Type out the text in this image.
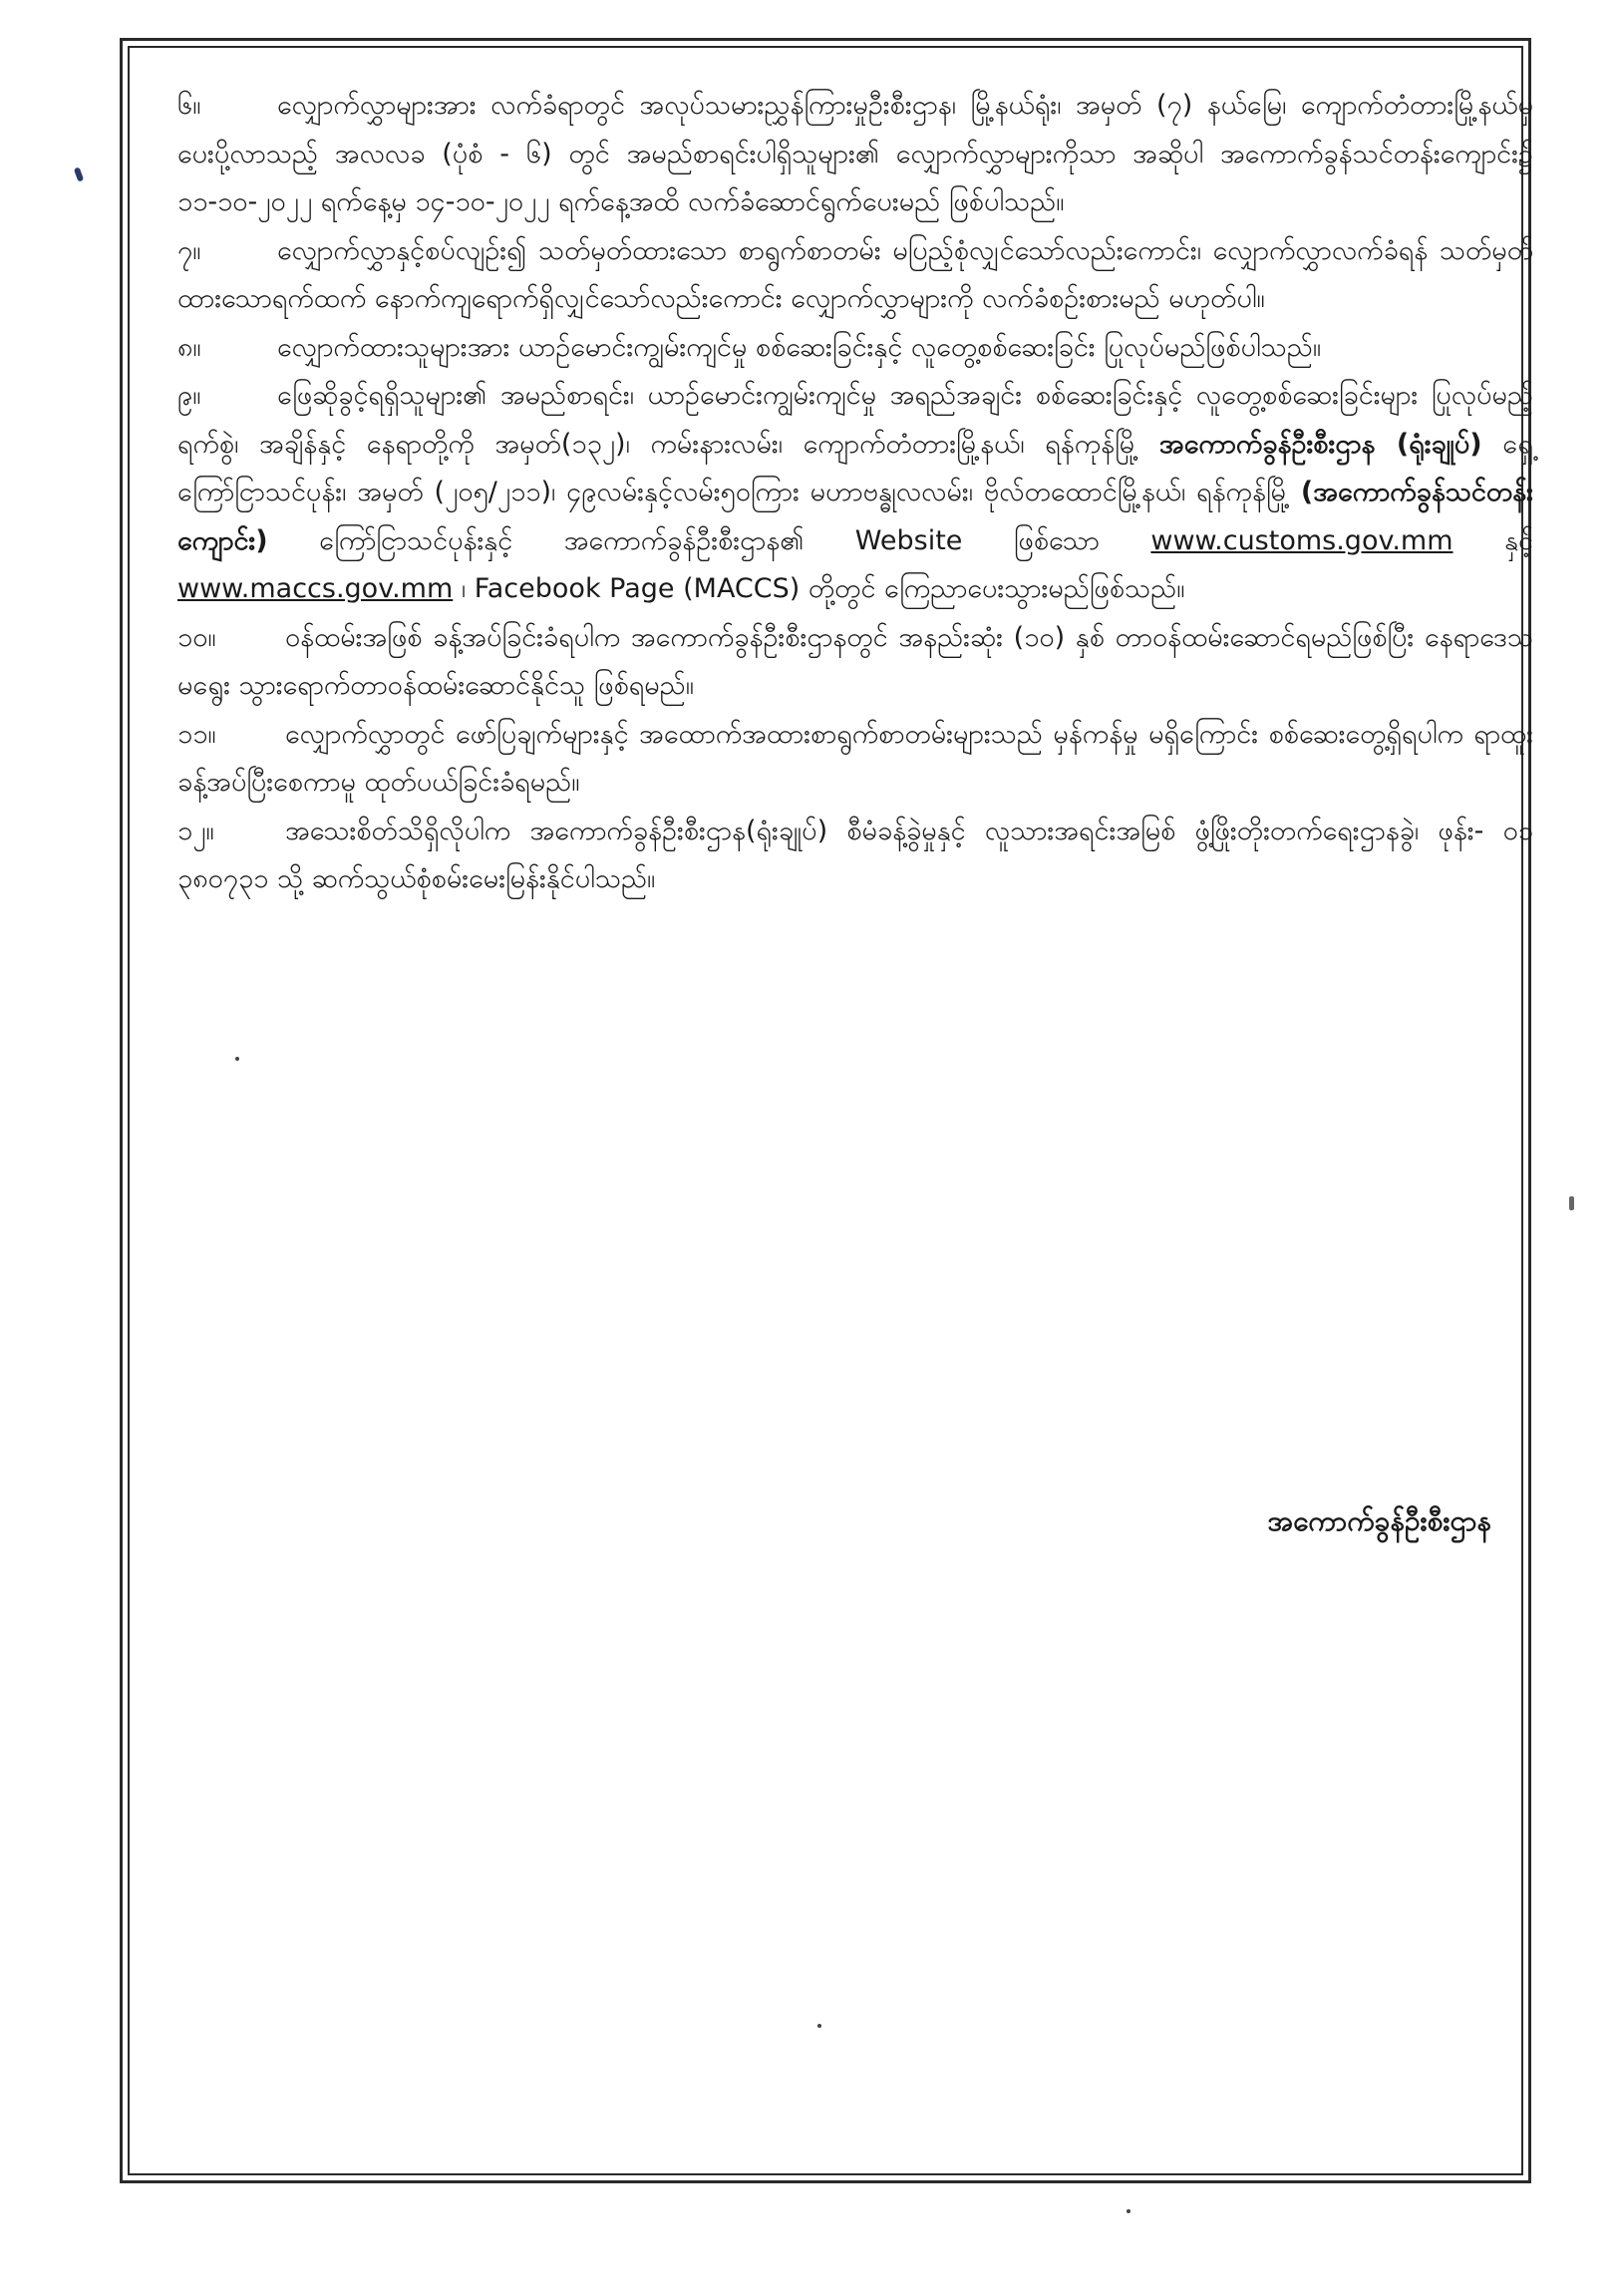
၆။	လျှောက်လွှာများအား လက်ခံရာတွင် အလုပ်သမားညွှန်ကြားမှုဦးစီးဌာန၊ မြို့နယ်ရုံး၊ အမှတ် (၇) နယ်မြေ၊ ကျောက်တံတားမြို့နယ်မှ ပေးပို့လာသည့် အလလခ (ပုံစံ - ၆) တွင် အမည်စာရင်းပါရှိသူများ၏ လျှောက်လွှာများကိုသာ အဆိုပါ အကောက်ခွန်သင်တန်းကျောင်း၌ ၁၁-၁၀-၂၀၂၂ ရက်နေ့မှ ၁၄-၁၀-၂၀၂၂ ရက်နေ့အထိ လက်ခံဆောင်ရွက်ပေးမည် ဖြစ်ပါသည်။

၇။	လျှောက်လွှာနှင့်စပ်လျဉ်း၍ သတ်မှတ်ထားသော စာရွက်စာတမ်း မပြည့်စုံလျှင်သော်လည်းကောင်း၊ လျှောက်လွှာလက်ခံရန် သတ်မှတ်ထားသောရက်ထက် နောက်ကျရောက်ရှိလျှင်သော်လည်းကောင်း လျှောက်လွှာများကို လက်ခံစဉ်းစားမည် မဟုတ်ပါ။

၈။	လျှောက်ထားသူများအား ယာဉ်မောင်းကျွမ်းကျင်မှု စစ်ဆေးခြင်းနှင့် လူတွေ့စစ်ဆေးခြင်း ပြုလုပ်မည်ဖြစ်ပါသည်။

၉။	ဖြေဆိုခွင့်ရရှိသူများ၏ အမည်စာရင်း၊ ယာဉ်မောင်းကျွမ်းကျင်မှု အရည်အချင်း စစ်ဆေးခြင်းနှင့် လူတွေ့စစ်ဆေးခြင်းများ ပြုလုပ်မည့် ရက်စွဲ၊ အချိန်နှင့် နေရာတို့ကို အမှတ်(၁၃၂)၊ ကမ်းနားလမ်း၊ ကျောက်တံတားမြို့နယ်၊ ရန်ကုန်မြို့ အကောက်ခွန်ဦးစီးဌာန (ရုံးချုပ်) ရှေ့ကြော်ငြာသင်ပုန်း၊ အမှတ် (၂၀၅/၂၁၁)၊ ၄၉လမ်းနှင့်လမ်း၅၀ကြား မဟာဗန္ဓုလလမ်း၊ ဗိုလ်တထောင်မြို့နယ်၊ ရန်ကုန်မြို့ (အကောက်ခွန်သင်တန်းကျောင်း) ကြော်ငြာသင်ပုန်းနှင့် အကောက်ခွန်ဦးစီးဌာန၏ Website ဖြစ်သော www.customs.gov.mm နှင့် www.maccs.gov.mm ၊ Facebook Page (MACCS) တို့တွင် ကြေညာပေးသွားမည်ဖြစ်သည်။

၁၀။	ဝန်ထမ်းအဖြစ် ခန့်အပ်ခြင်းခံရပါက အကောက်ခွန်ဦးစီးဌာနတွင် အနည်းဆုံး (၁၀) နှစ် တာဝန်ထမ်းဆောင်ရမည်ဖြစ်ပြီး နေရာဒေသမရွေး သွားရောက်တာဝန်ထမ်းဆောင်နိုင်သူ ဖြစ်ရမည်။

၁၁။	လျှောက်လွှာတွင် ဖော်ပြချက်များနှင့် အထောက်အထားစာရွက်စာတမ်းများသည် မှန်ကန်မှု မရှိကြောင်း စစ်ဆေးတွေ့ရှိရပါက ရာထူးခန့်အပ်ပြီးစေကာမူ ထုတ်ပယ်ခြင်းခံရမည်။

၁၂။	အသေးစိတ်သိရှိလိုပါက အကောက်ခွန်ဦးစီးဌာန(ရုံးချုပ်) စီမံခန့်ခွဲမှုနှင့် လူသားအရင်းအမြစ် ဖွံ့ဖြိုးတိုးတက်ရေးဌာနခွဲ၊ ဖုန်း- ၀၁ ၃၈၀၇၃၁ သို့ ဆက်သွယ်စုံစမ်းမေးမြန်းနိုင်ပါသည်။

အကောက်ခွန်ဦးစီးဌာန
